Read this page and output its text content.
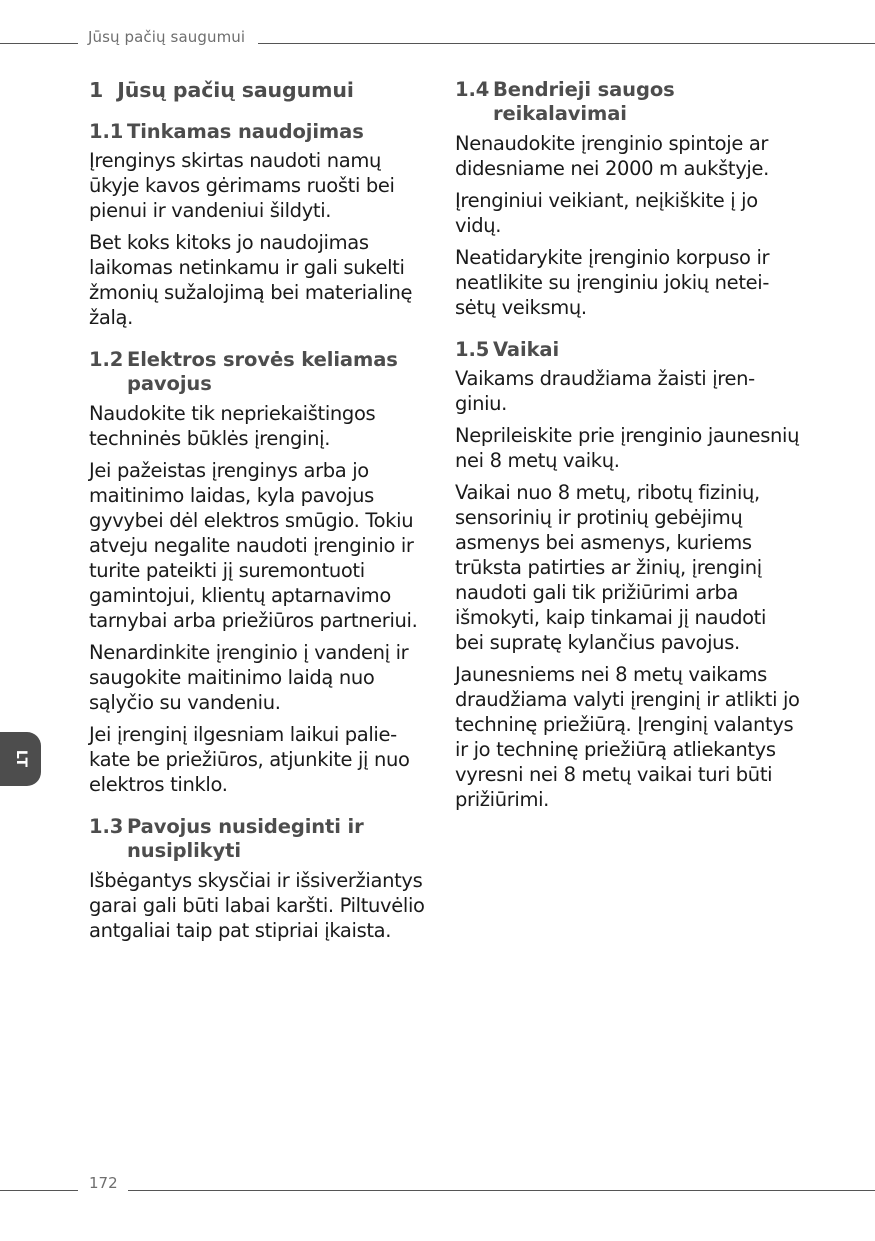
Jūsų pačių saugumui
LT
1 Jūsų pačių saugumui
1.1 Tinkamas naudojimas

Įrenginys skirtas naudoti namų ūkyje kavos gėrimams ruošti bei pienui ir vandeniui šildyti.

Bet koks kitoks jo naudojimas laikomas netinkamu ir gali sukelti žmonių sužalojimą bei materialinę žalą.

1.2 Elektros srovės keliamas pavojus

Naudokite tik nepriekaištingos techninės būklės įrenginį.

Jei pažeistas įrenginys arba jo maitinimo laidas, kyla pavojus gyvybei dėl elektros smūgio. Tokiu atveju negalite naudoti įrenginio ir turite pateikti jį suremontuoti gamintojui, klientų aptarnavimo tarnybai arba priežiūros partneriui.

Nenardinkite įrenginio į vandenį ir saugokite maitinimo laidą nuo sąlyčio su vandeniu.

Jei įrenginį ilgesniam laikui paliekate be priežiūros, atjunkite jį nuo elektros tinklo.

1.3 Pavojus nusideginti ir nusiplikyti

Išbėgantys skysčiai ir išsiveržiantys garai gali būti labai karšti. Piltuvėlio antgaliai taip pat stipriai įkaista.

1.4 Bendrieji saugos reikalavimai

Nenaudokite įrenginio spintoje ar didesniame nei 2000 m aukštyje.

Įrenginiui veikiant, neįkiškite į jo vidų.

Neatidarykite įrenginio korpuso ir neatlikite su įrenginiu jokių neteisėtų veiksmų.

1.5 Vaikai

Vaikams draudžiama žaisti įrenginiu.

Neprileiskite prie įrenginio jaunesnių nei 8 metų vaikų.

Vaikai nuo 8 metų, ribotų fizinių, sensorinių ir protinių gebėjimų asmenys bei asmenys, kuriems trūksta patirties ar žinių, įrenginį naudoti gali tik prižiūrimi arba išmokyti, kaip tinkamai jį naudoti bei supratę kylančius pavojus.

Jaunesniems nei 8 metų vaikams draudžiama valyti įrenginį ir atlikti jo techninę priežiūrą. Įrenginį valantys ir jo techninę priežiūrą atliekantys vyresni nei 8 metų vaikai turi būti prižiūrimi.

172
